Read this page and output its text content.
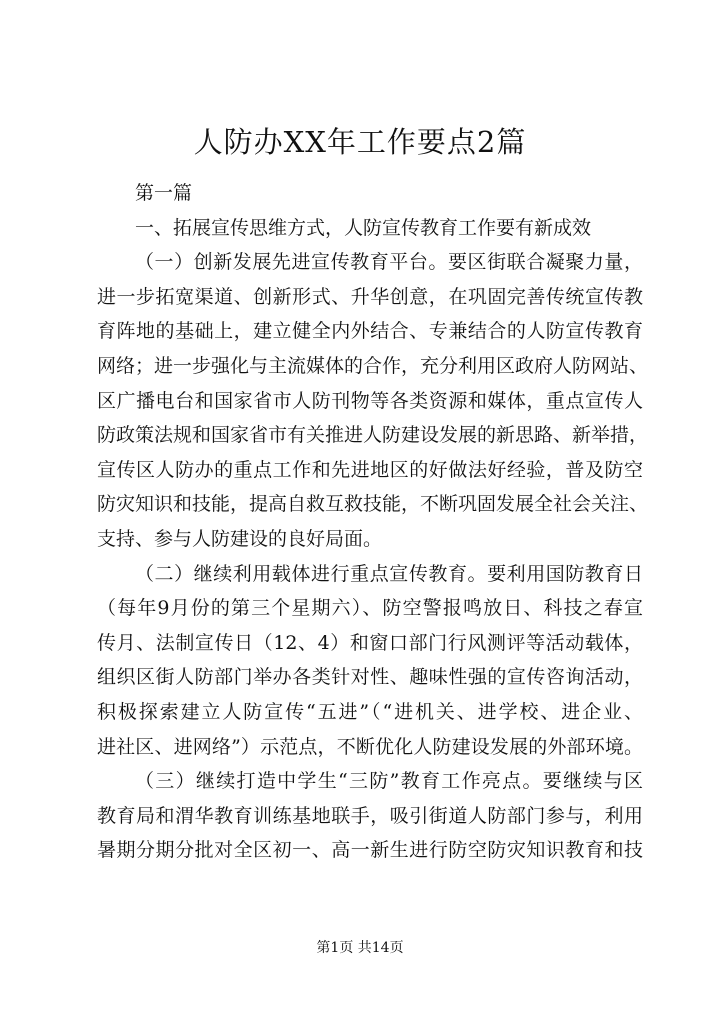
人防办XX年工作要点2篇

第一篇

一、拓展宣传思维方式，人防宣传教育工作要有新成效

（一）创新发展先进宣传教育平台。要区街联合凝聚力量，

进一步拓宽渠道、创新形式、升华创意，在巩固完善传统宣传教

育阵地的基础上，建立健全内外结合、专兼结合的人防宣传教育

网络；进一步强化与主流媒体的合作，充分利用区政府人防网站、

区广播电台和国家省市人防刊物等各类资源和媒体，重点宣传人

防政策法规和国家省市有关推进人防建设发展的新思路、新举措，

宣传区人防办的重点工作和先进地区的好做法好经验，普及防空

防灾知识和技能，提高自救互救技能，不断巩固发展全社会关注、

支持、参与人防建设的良好局面。

（二）继续利用载体进行重点宣传教育。要利用国防教育日

（每年9月份的第三个星期六）、防空警报鸣放日、科技之春宣

传月、法制宣传日（12、4）和窗口部门行风测评等活动载体，

组织区街人防部门举办各类针对性、趣味性强的宣传咨询活动，

积极探索建立人防宣传“五进”（“进机关、进学校、进企业、

进社区、进网络”）示范点，不断优化人防建设发展的外部环境。

（三）继续打造中学生“三防”教育工作亮点。要继续与区

教育局和渭华教育训练基地联手，吸引街道人防部门参与，利用

暑期分期分批对全区初一、高一新生进行防空防灾知识教育和技

第1页 共14页
